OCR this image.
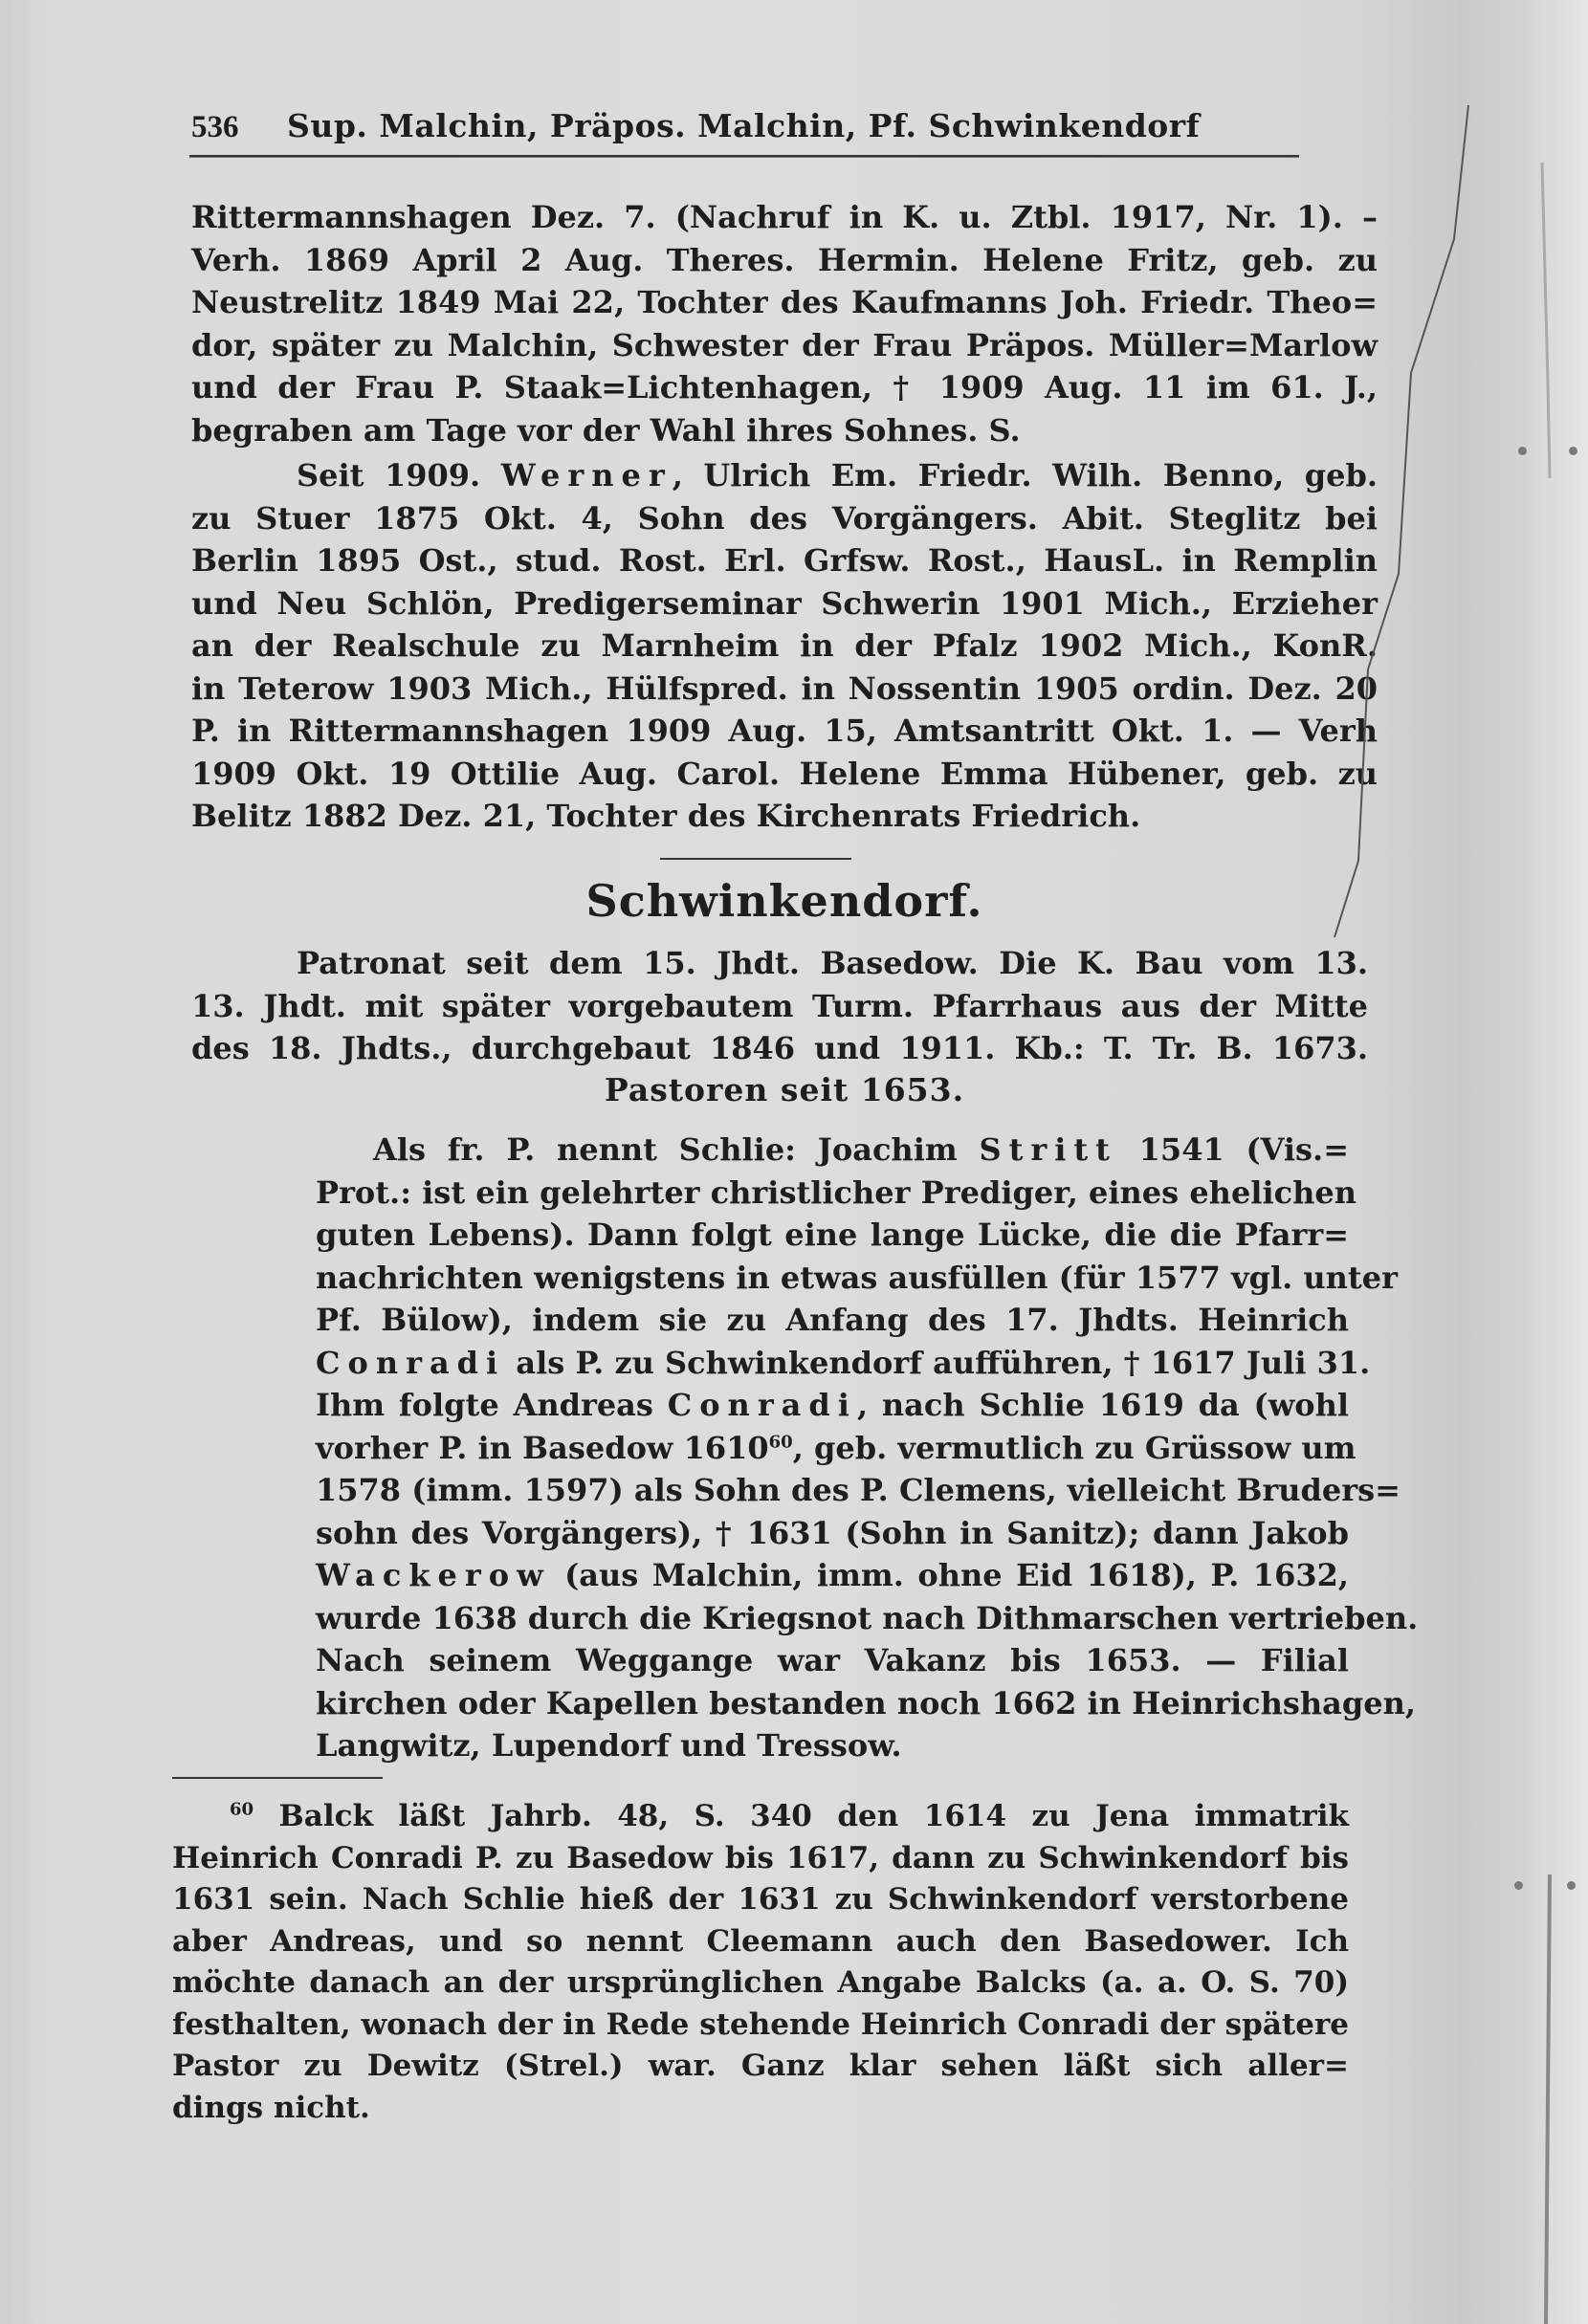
536	Sup. Malchin, Präpos. Malchin, Pf. Schwinkendorf
Rittermannshagen Dez. 7. (Nachruf in K. u. Ztbl. 1917, Nr. 1). –
Verh. 1869 April 2 Aug. Theres. Hermin. Helene Fritz, geb. zu
Neustrelitz 1849 Mai 22, Tochter des Kaufmanns Joh. Friedr. Theo=
dor, später zu Malchin, Schwester der Frau Präpos. Müller=Marlow
und der Frau P. Staak=Lichtenhagen, † 1909 Aug. 11 im 61. J.,
begraben am Tage vor der Wahl ihres Sohnes. S.
Seit 1909. Werner, Ulrich Em. Friedr. Wilh. Benno, geb.
zu Stuer 1875 Okt. 4, Sohn des Vorgängers. Abit. Steglitz bei
Berlin 1895 Ost., stud. Rost. Erl. Grfsw. Rost., HausL. in Remplin
und Neu Schlön, Predigerseminar Schwerin 1901 Mich., Erzieher
an der Realschule zu Marnheim in der Pfalz 1902 Mich., KonR.
in Teterow 1903 Mich., Hülfspred. in Nossentin 1905 ordin. Dez. 20
P. in Rittermannshagen 1909 Aug. 15, Amtsantritt Okt. 1. — Verh
1909 Okt. 19 Ottilie Aug. Carol. Helene Emma Hübener, geb. zu
Belitz 1882 Dez. 21, Tochter des Kirchenrats Friedrich.
Schwinkendorf.
Patronat seit dem 15. Jhdt. Basedow. Die K. Bau vom 13.
13. Jhdt. mit später vorgebautem Turm. Pfarrhaus aus der Mitte
des 18. Jhdts., durchgebaut 1846 und 1911. Kb.: T. Tr. B. 1673.
Pastoren seit 1653.
Als fr. P. nennt Schlie: Joachim Stritt 1541 (Vis.=
Prot.: ist ein gelehrter christlicher Prediger, eines ehelichen
guten Lebens). Dann folgt eine lange Lücke, die die Pfarr=
nachrichten wenigstens in etwas ausfüllen (für 1577 vgl. unter
Pf. Bülow), indem sie zu Anfang des 17. Jhdts. Heinrich
Conradi als P. zu Schwinkendorf aufführen, † 1617 Juli 31.
Ihm folgte Andreas Conradi, nach Schlie 1619 da (wohl
vorher P. in Basedow 1610$^{60}$, geb. vermutlich zu Grüssow um
1578 (imm. 1597) als Sohn des P. Clemens, vielleicht Bruders=
sohn des Vorgängers), † 1631 (Sohn in Sanitz); dann Jakob
Wackerow (aus Malchin, imm. ohne Eid 1618), P. 1632,
wurde 1638 durch die Kriegsnot nach Dithmarschen vertrieben.
Nach seinem Weggange war Vakanz bis 1653. — Filial
kirchen oder Kapellen bestanden noch 1662 in Heinrichshagen,
Langwitz, Lupendorf und Tressow.
$^{60}$ Balck läßt Jahrb. 48, S. 340 den 1614 zu Jena immatrik
Heinrich Conradi P. zu Basedow bis 1617, dann zu Schwinkendorf bis
1631 sein. Nach Schlie hieß der 1631 zu Schwinkendorf verstorbene
aber Andreas, und so nennt Cleemann auch den Basedower. Ich
möchte danach an der ursprünglichen Angabe Balcks (a. a. O. S. 70)
festhalten, wonach der in Rede stehende Heinrich Conradi der spätere
Pastor zu Dewitz (Strel.) war. Ganz klar sehen läßt sich aller=
dings nicht.
